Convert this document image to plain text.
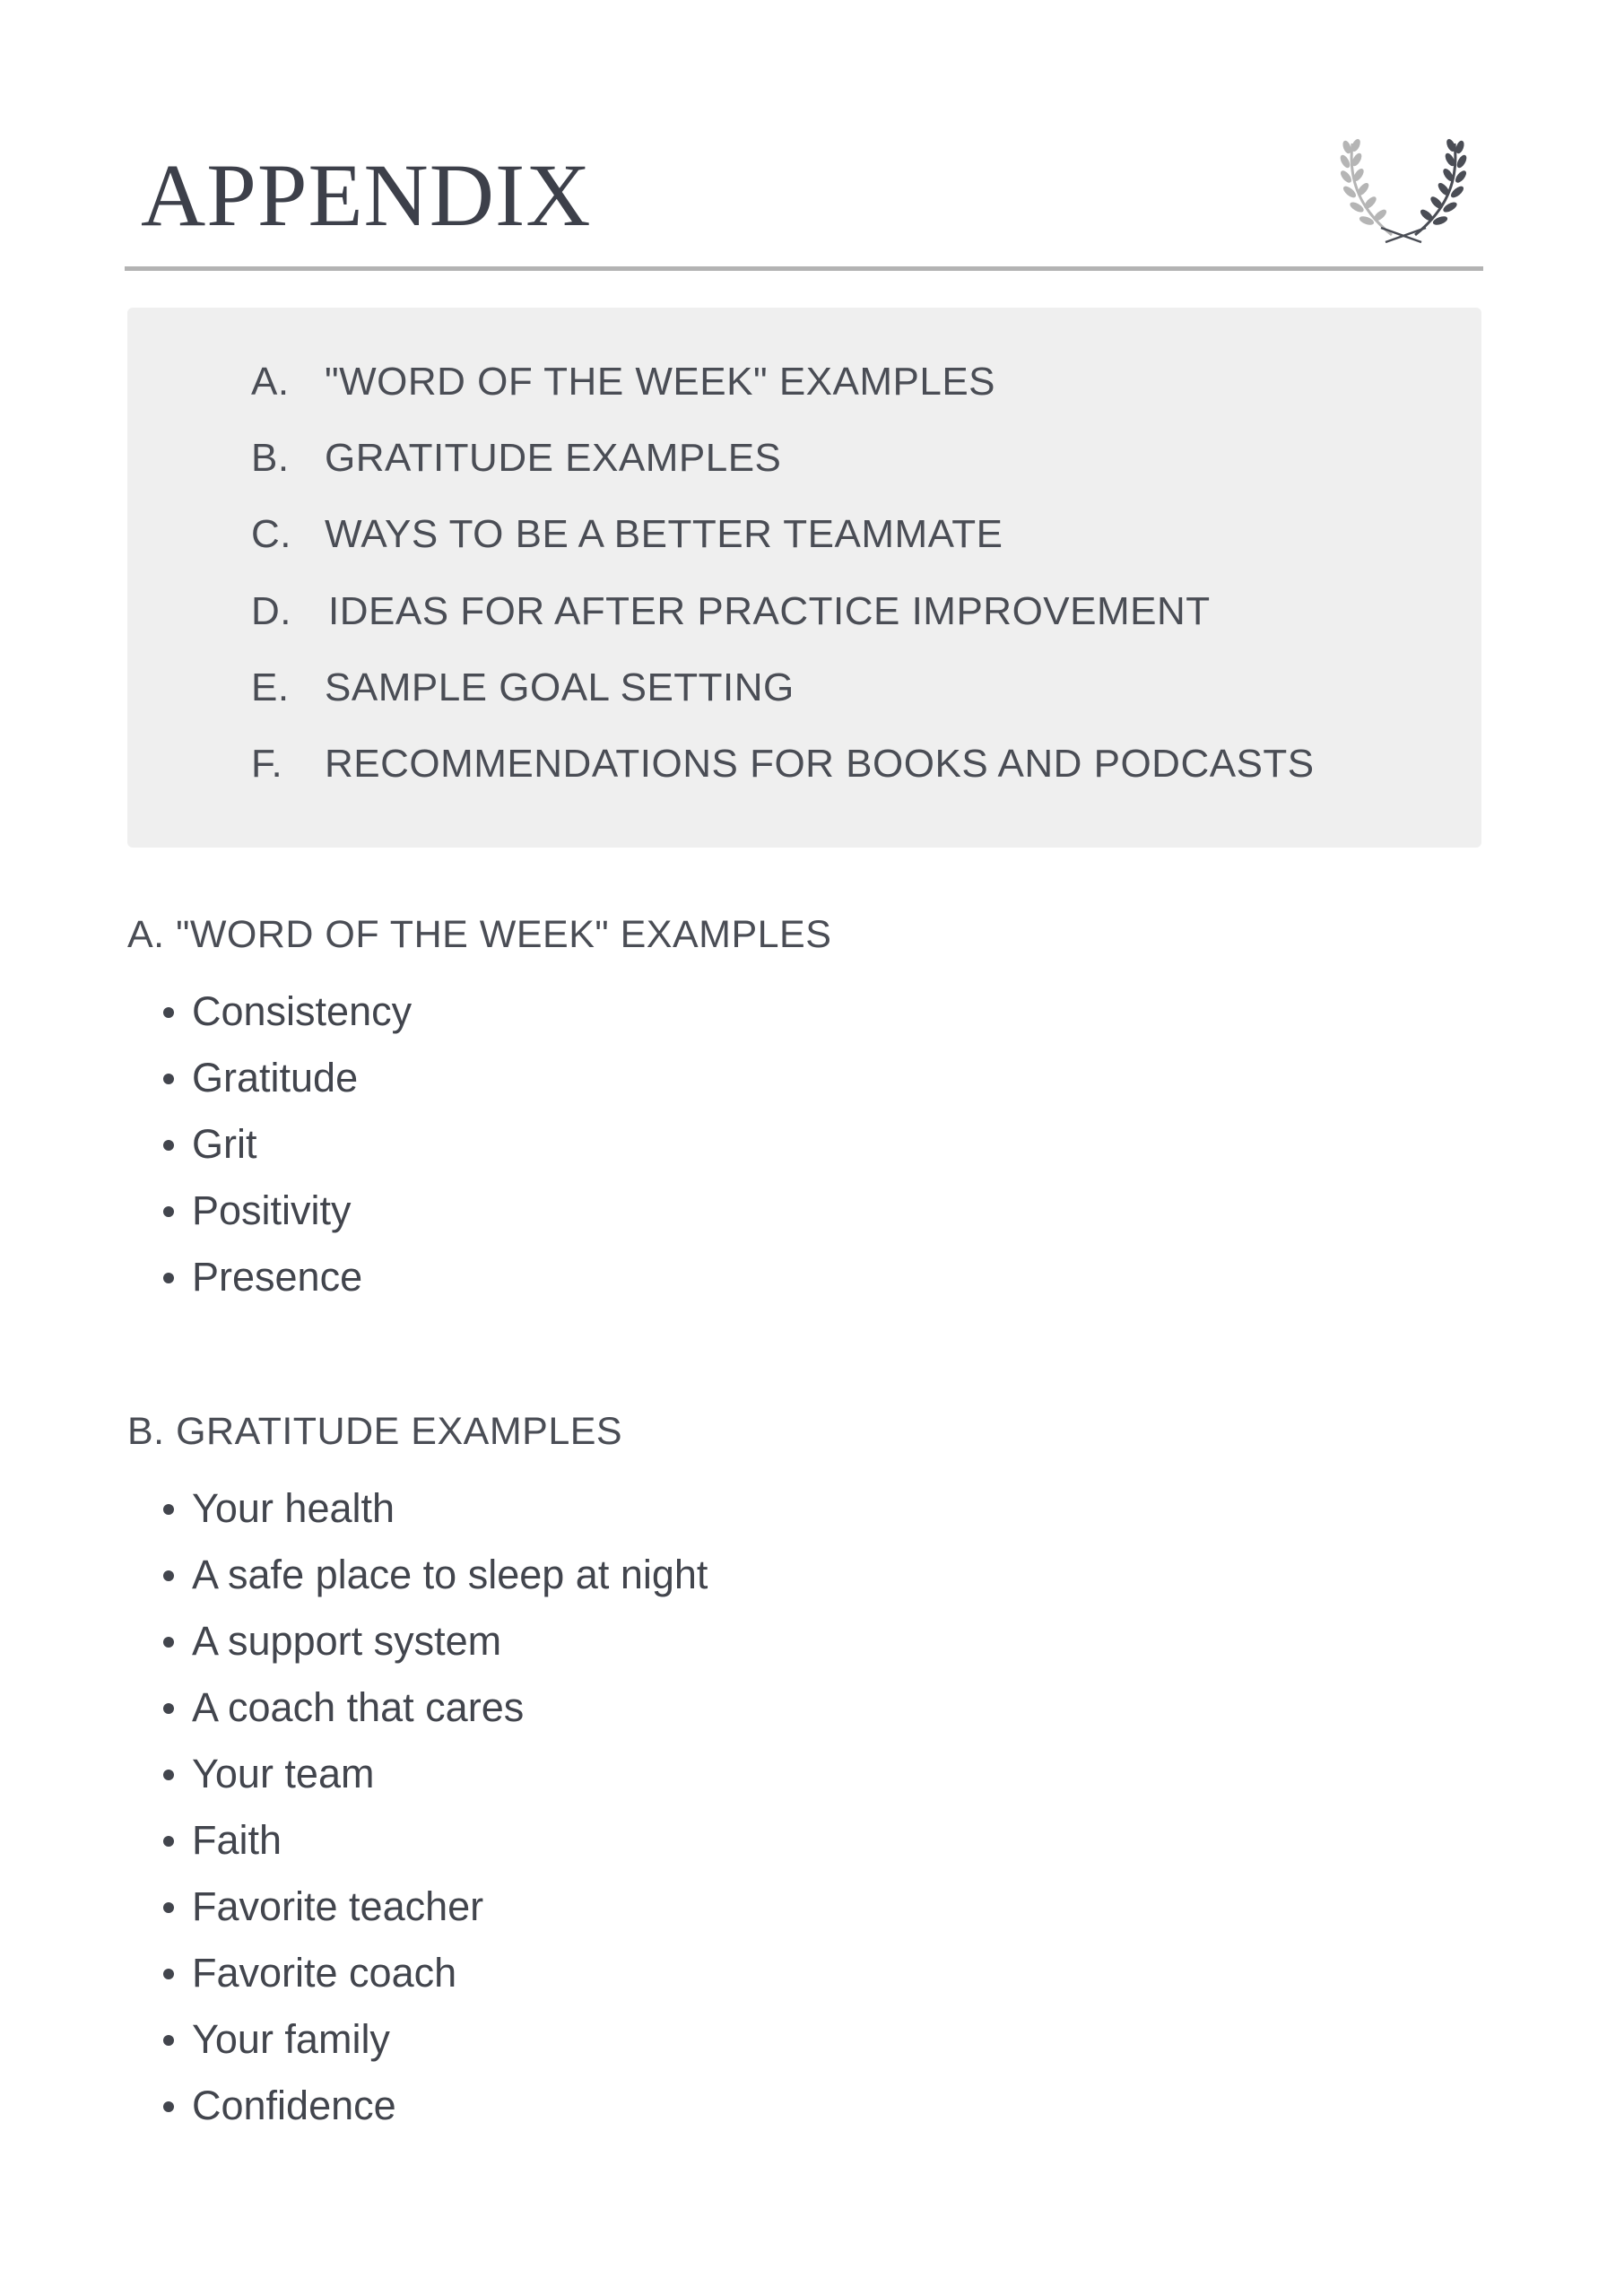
APPENDIX
A. "WORD OF THE WEEK" EXAMPLES
B. GRATITUDE EXAMPLES
C. WAYS TO BE A BETTER TEAMMATE
D. IDEAS FOR AFTER PRACTICE IMPROVEMENT
E. SAMPLE GOAL SETTING
F. RECOMMENDATIONS FOR BOOKS AND PODCASTS
A. "WORD OF THE WEEK" EXAMPLES
Consistency
Gratitude
Grit
Positivity
Presence
B. GRATITUDE EXAMPLES
Your health
A safe place to sleep at night
A support system
A coach that cares
Your team
Faith
Favorite teacher
Favorite coach
Your family
Confidence
